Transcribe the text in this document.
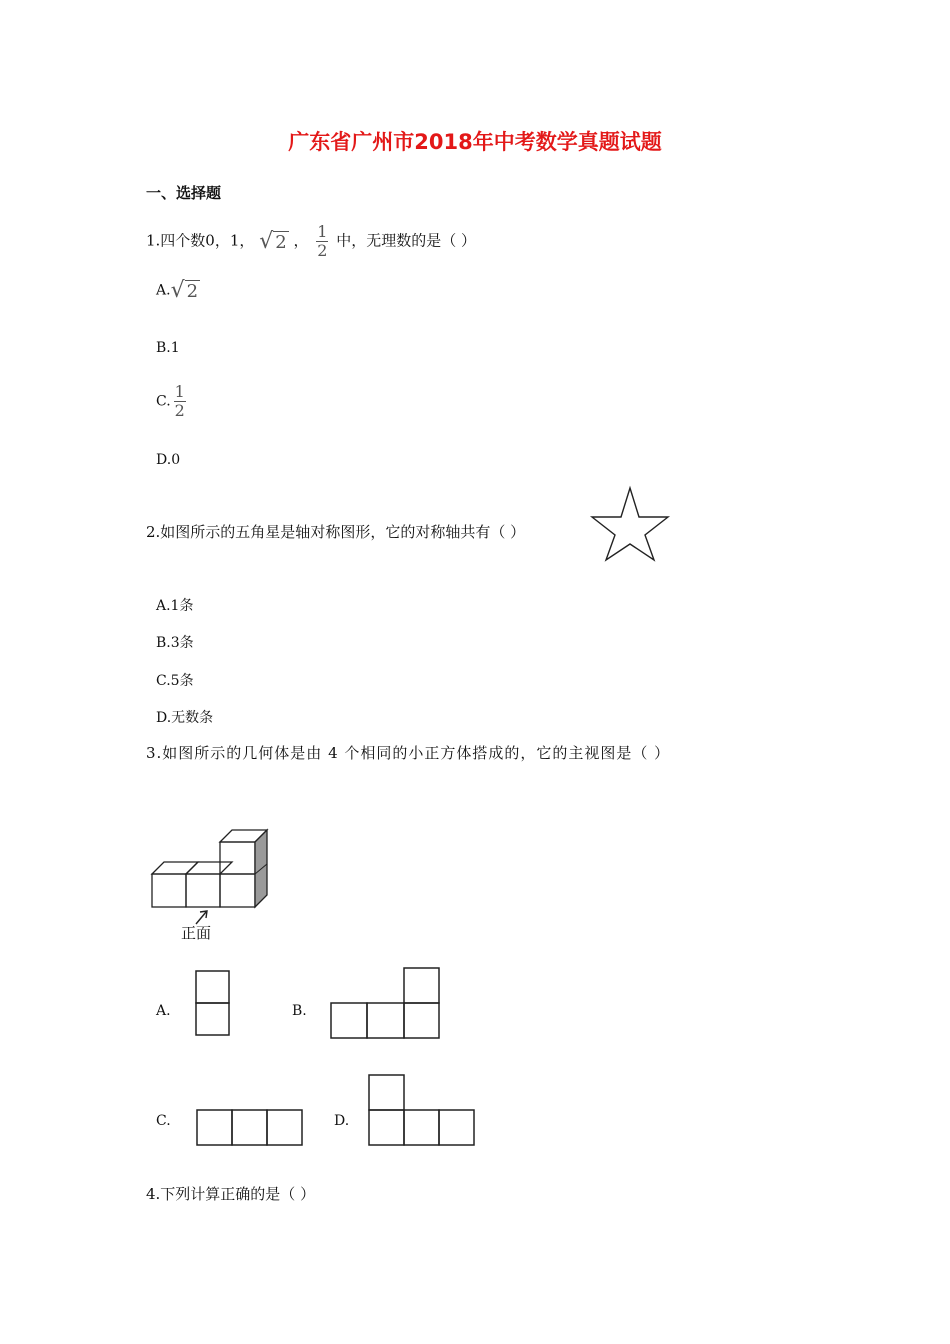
广东省广州市2018年中考数学真题试题
一、选择题
1.四个数0，1， √ 2 ， $\frac{1}{2}$ 中，无理数的是（ ）
A.√ 2
B.1
C. $\frac{1}{2}$
D.0
2.如图所示的五角星是轴对称图形，它的对称轴共有（ ）
A.1条
B.3条
C.5条
D.无数条
3.如图所示的几何体是由 4 个相同的小正方体搭成的，它的主视图是（ ）
正面
A.	B.
C.	D.
4.下列计算正确的是（ ）
